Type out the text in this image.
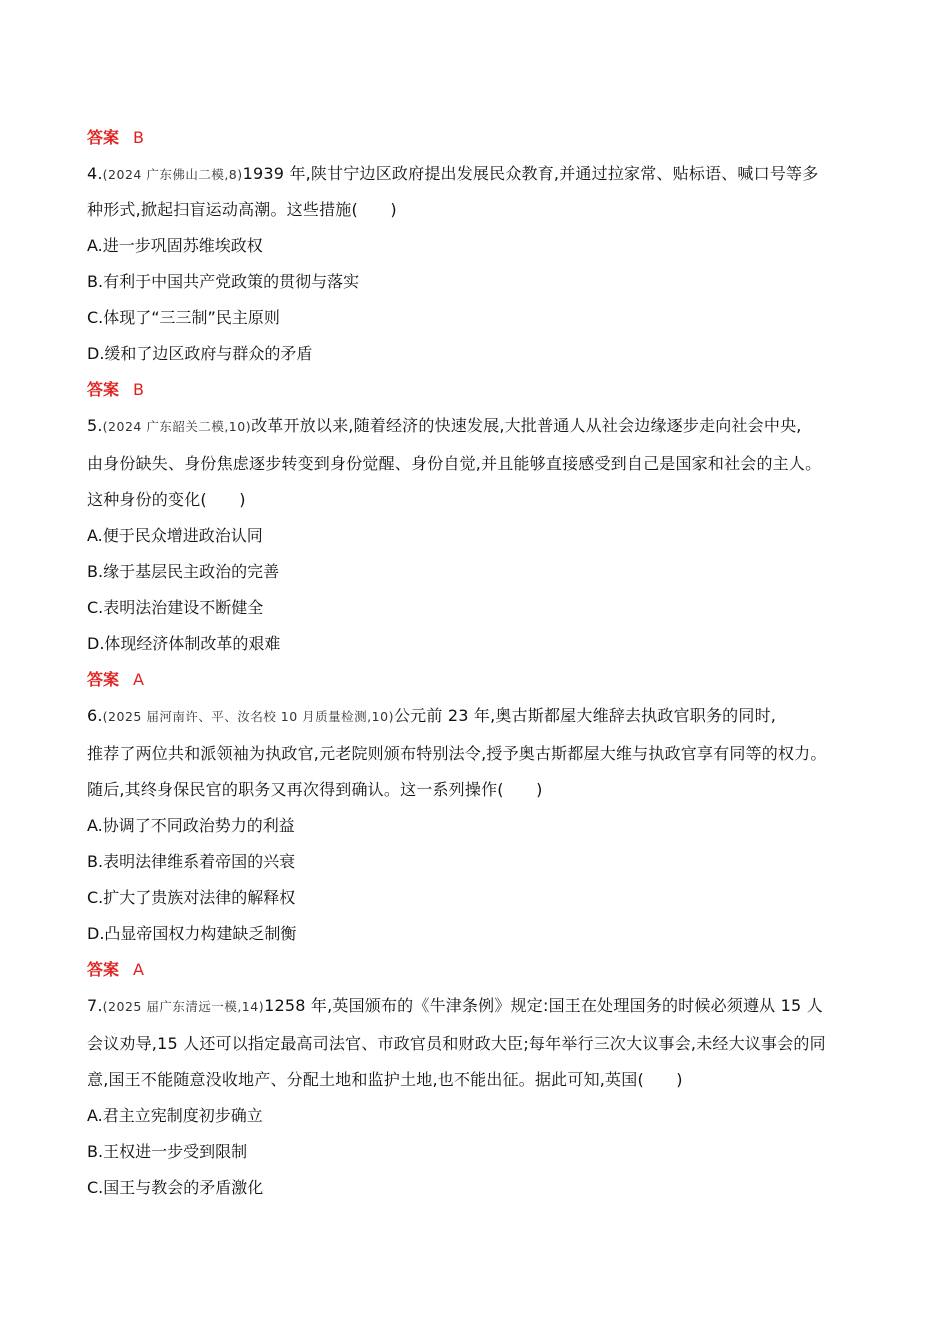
答案 B
4.(2024 广东佛山二模,8)1939 年,陕甘宁边区政府提出发展民众教育,并通过拉家常、贴标语、喊口号等多
种形式,掀起扫盲运动高潮。这些措施(　　)
A.进一步巩固苏维埃政权
B.有利于中国共产党政策的贯彻与落实
C.体现了“三三制”民主原则
D.缓和了边区政府与群众的矛盾
答案 B
5.(2024 广东韶关二模,10)改革开放以来,随着经济的快速发展,大批普通人从社会边缘逐步走向社会中央,
由身份缺失、身份焦虑逐步转变到身份觉醒、身份自觉,并且能够直接感受到自己是国家和社会的主人。
这种身份的变化(　　)
A.便于民众增进政治认同
B.缘于基层民主政治的完善
C.表明法治建设不断健全
D.体现经济体制改革的艰难
答案 A
6.(2025 届河南许、平、汝名校 10 月质量检测,10)公元前 23 年,奥古斯都屋大维辞去执政官职务的同时,
推荐了两位共和派领袖为执政官,元老院则颁布特别法令,授予奥古斯都屋大维与执政官享有同等的权力。
随后,其终身保民官的职务又再次得到确认。这一系列操作(　　)
A.协调了不同政治势力的利益
B.表明法律维系着帝国的兴衰
C.扩大了贵族对法律的解释权
D.凸显帝国权力构建缺乏制衡
答案 A
7.(2025 届广东清远一模,14)1258 年,英国颁布的《牛津条例》规定:国王在处理国务的时候必须遵从 15 人
会议劝导,15 人还可以指定最高司法官、市政官员和财政大臣;每年举行三次大议事会,未经大议事会的同
意,国王不能随意没收地产、分配土地和监护土地,也不能出征。据此可知,英国(　　)
A.君主立宪制度初步确立
B.王权进一步受到限制
C.国王与教会的矛盾激化
